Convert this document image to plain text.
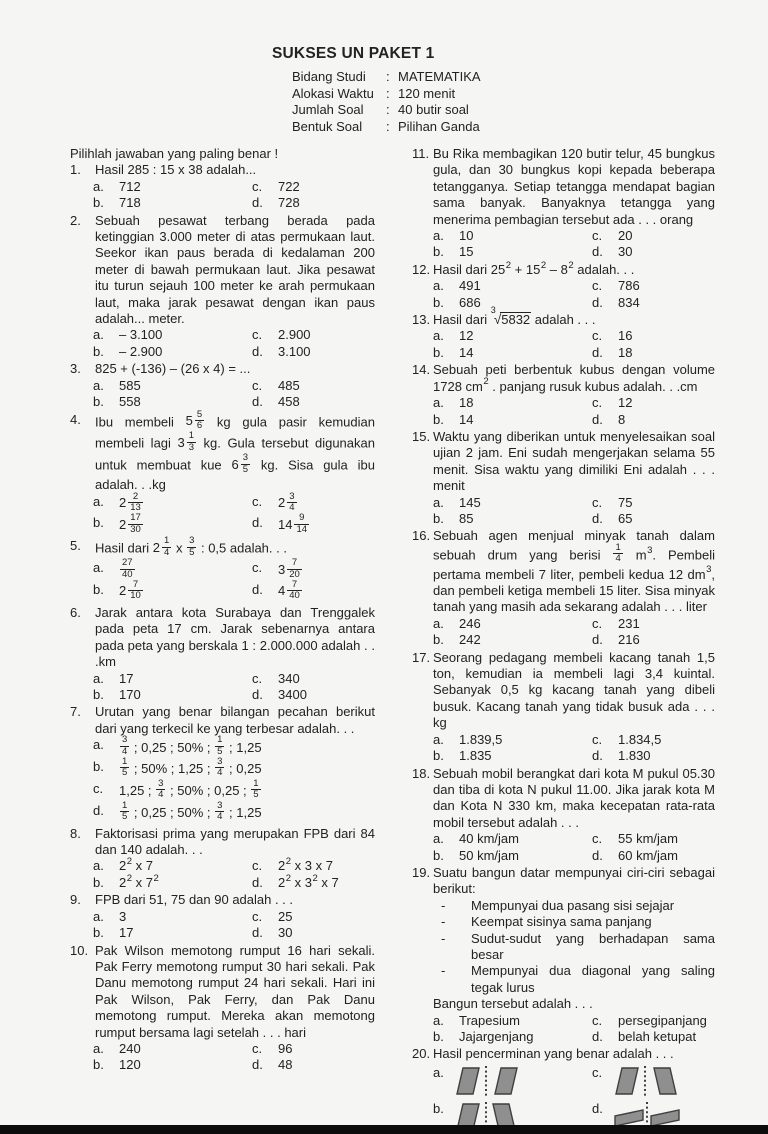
SUKSES UN PAKET 1
Bidang Studi	: MATEMATIKA
Alokasi Waktu : 120 menit
Jumlah Soal	: 40 butir soal
Bentuk Soal	: Pilihan Ganda

Pilihlah jawaban yang paling benar !

1. Hasil 285 : 15 x 38 adalah...

a. 712
b. 718
c. 722
d. 728
2. Sebuah pesawat terbang berada pada ketinggian 3.000 meter di atas permukaan laut. Seekor ikan paus berada di kedalaman 200 meter di bawah permukaan laut. Jika pesawat itu turun sejauh 100 meter ke arah permukaan laut, maka jarak pesawat dengan ikan paus adalah... meter.

a. – 3.100
b. – 2.900
c. 2.900
d. 3.100
3. 825 + (-136) – (26 x 4) = ...

a. 585
b. 558
c. 485
d. 458
4. Ibu membeli $5 \frac{5}{6}$ kg gula pasir kemudian membeli lagi $3 \frac{1}{3}$ kg. Gula tersebut digunakan untuk membuat kue $6 \frac{3}{5}$ kg. Sisa gula ibu adalah. . .kg

a. $2 \frac{2}{13}$
b. $2 \frac{17}{30}$
c. $2 \frac{3}{4}$
d. $14 \frac{9}{14}$
5. Hasil dari $2 \frac{1}{4}$ x $\frac{3}{5}$ : 0,5 adalah. . .

a. $\frac{27}{40}$
b. $2 \frac{7}{10}$
c. $3 \frac{7}{20}$
d. $4 \frac{7}{40}$
6. Jarak antara kota Surabaya dan Trenggalek pada peta 17 cm. Jarak sebenarnya antara pada peta yang berskala 1 : 2.000.000 adalah . . .km

a. 17
b. 170
c. 340
d. 3400
7. Urutan yang benar bilangan pecahan berikut dari yang terkecil ke yang terbesar adalah. . .

a. $\frac{3}{4}$ ; 0,25 ; 50% ; $\frac{1}{5}$ ; 1,25
b. $\frac{1}{5}$ ; 50% ; 1,25 ; $\frac{3}{4}$ ; 0,25
c. 1,25 ; $\frac{3}{4}$ ; 50% ; 0,25 ; $\frac{1}{5}$
d. $\frac{1}{5}$ ; 0,25 ; 50% ; $\frac{3}{4}$ ; 1,25
8. Faktorisasi prima yang merupakan FPB dari 84 dan 140 adalah. . .

a. $2^2$ x 7
b. $2^2$ x $7^2$
c. $2^2$ x 3 x 7
d. $2^2$ x $3^2$ x 7
9. FPB dari 51, 75 dan 90 adalah . . .

a. 3
b. 17
c. 25
d. 30
10. Pak Wilson memotong rumput 16 hari sekali. Pak Ferry memotong rumput 30 hari sekali. Pak Danu memotong rumput 24 hari sekali. Hari ini Pak Wilson, Pak Ferry, dan Pak Danu memotong rumput. Mereka akan memotong rumput bersama lagi setelah . . . hari

a. 240
b. 120
c. 96
d. 48
11. Bu Rika membagikan 120 butir telur, 45 bungkus gula, dan 30 bungkus kopi kepada beberapa tetangganya. Setiap tetangga mendapat bagian sama banyak. Banyaknya tetangga yang menerima pembagian tersebut ada . . . orang

a. 10
b. 15
c. 20
d. 30
12. Hasil dari $25^2 + 15^2 - 8^2$ adalah. . .

a. 491
b. 686
c. 786
d. 834
13. Hasil dari $^3$√5832 adalah . . .

a. 12
b. 14
c. 16
d. 18
14. Sebuah peti berbentuk kubus dengan volume 1728 $cm^2$ . panjang rusuk kubus adalah. . .cm

a. 18
b. 14
c. 12
d. 8
15. Waktu yang diberikan untuk menyelesaikan soal ujian 2 jam. Eni sudah mengerjakan selama 55 menit. Sisa waktu yang dimiliki Eni adalah . . . menit

a. 145
b. 85
c. 75
d. 65
16. Sebuah agen menjual minyak tanah dalam sebuah drum yang berisi $\frac{1}{4} m^3$. Pembeli pertama membeli 7 liter, pembeli kedua 12 $dm^3$, dan pembeli ketiga membeli 15 liter. Sisa minyak tanah yang masih ada sekarang adalah . . . liter

a. 246
b. 242
c. 231
d. 216
17. Seorang pedagang membeli kacang tanah 1,5 ton, kemudian ia membeli lagi 3,4 kuintal. Sebanyak 0,5 kg kacang tanah yang dibeli busuk. Kacang tanah yang tidak busuk ada . . . kg

a. 1.839,5
b. 1.835
c. 1.834,5
d. 1.830
18. Sebuah mobil berangkat dari kota M pukul 05.30 dan tiba di kota N pukul 11.00. Jika jarak kota M dan Kota N 330 km, maka kecepatan rata-rata mobil tersebut adalah . . .

a. 40 km/jam
b. 50 km/jam
c. 55 km/jam
d. 60 km/jam
19. Suatu bangun datar mempunyai ciri-ciri sebagai berikut:

- Mempunyai dua pasang sisi sejajar
- Keempat sisinya sama panjang
- Sudut-sudut yang berhadapan sama besar
- Mempunyai dua diagonal yang saling tegak lurus

Bangun tersebut adalah . . .

a. Trapesium
b. Jajargenjang
c. persegipanjang
d. belah ketupat
20. Hasil pencerminan yang benar adalah . . .

a.
b.
c.
d.
